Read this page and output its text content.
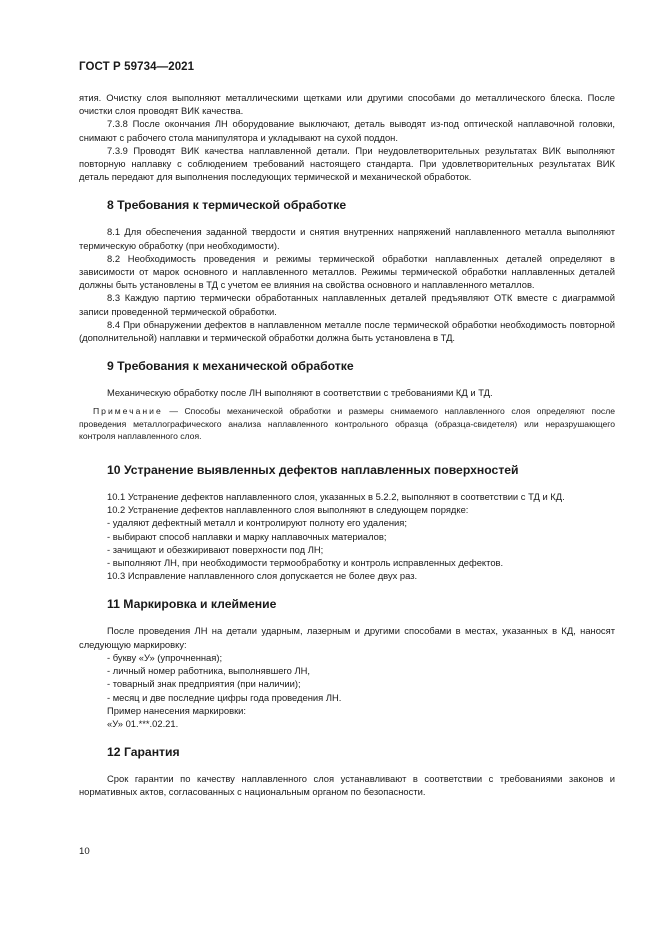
ГОСТ Р 59734—2021

ятия. Очистку слоя выполняют металлическими щетками или другими способами до металлического блеска. После очистки слоя проводят ВИК качества.

7.3.8 После окончания ЛН оборудование выключают, деталь выводят из-под оптической наплавочной головки, снимают с рабочего стола манипулятора и укладывают на сухой поддон.

7.3.9 Проводят ВИК качества наплавленной детали. При неудовлетворительных результатах ВИК выполняют повторную наплавку с соблюдением требований настоящего стандарта. При удовлетворительных результатах ВИК деталь передают для выполнения последующих термической и механической обработок.

8 Требования к термической обработке

8.1 Для обеспечения заданной твердости и снятия внутренних напряжений наплавленного металла выполняют термическую обработку (при необходимости).

8.2 Необходимость проведения и режимы термической обработки наплавленных деталей определяют в зависимости от марок основного и наплавленного металлов. Режимы термической обработки наплавленных деталей должны быть установлены в ТД с учетом ее влияния на свойства основного и наплавленного металлов.

8.3 Каждую партию термически обработанных наплавленных деталей предъявляют ОТК вместе с диаграммой записи проведенной термической обработки.

8.4 При обнаружении дефектов в наплавленном металле после термической обработки необходимость повторной (дополнительной) наплавки и термической обработки должна быть установлена в ТД.

9 Требования к механической обработке

Механическую обработку после ЛН выполняют в соответствии с требованиями КД и ТД.

Примечание — Способы механической обработки и размеры снимаемого наплавленного слоя определяют после проведения металлографического анализа наплавленного контрольного образца (образца-свидетеля) или неразрушающего контроля наплавленного слоя.

10 Устранение выявленных дефектов наплавленных поверхностей

10.1 Устранение дефектов наплавленного слоя, указанных в 5.2.2, выполняют в соответствии с ТД и КД.

10.2 Устранение дефектов наплавленного слоя выполняют в следующем порядке:

- удаляют дефектный металл и контролируют полноту его удаления;

- выбирают способ наплавки и марку наплавочных материалов;

- зачищают и обезжиривают поверхности под ЛН;

- выполняют ЛН, при необходимости термообработку и контроль исправленных дефектов.

10.3 Исправление наплавленного слоя допускается не более двух раз.

11 Маркировка и клеймение

После проведения ЛН на детали ударным, лазерным и другими способами в местах, указанных в КД, наносят следующую маркировку:

- букву «У» (упрочненная);

- личный номер работника, выполнявшего ЛН,

- товарный знак предприятия (при наличии);

- месяц и две последние цифры года проведения ЛН.

Пример нанесения маркировки:

«У» 01.***.02.21.

12 Гарантия

Срок гарантии по качеству наплавленного слоя устанавливают в соответствии с требованиями законов и нормативных актов, согласованных с национальным органом по безопасности.

10
